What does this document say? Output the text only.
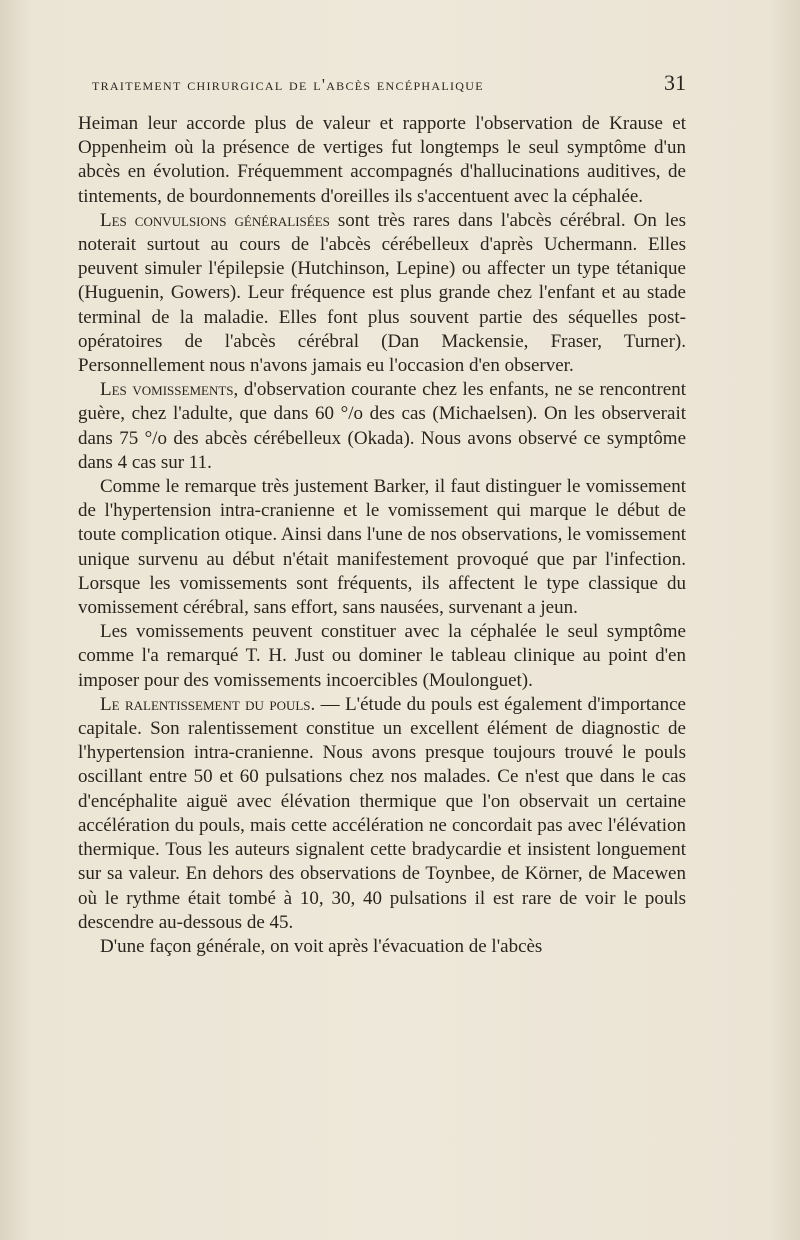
traitement chirurgical de l'abcès encéphalique	31

Heiman leur accorde plus de valeur et rapporte l'observation de Krause et Oppenheim où la présence de vertiges fut longtemps le seul symptôme d'un abcès en évolution. Fréquemment accompagnés d'hallucinations auditives, de tintements, de bourdonnements d'oreilles ils s'accentuent avec la céphalée.

Les convulsions généralisées sont très rares dans l'abcès cérébral. On les noterait surtout au cours de l'abcès cérébelleux d'après Uchermann. Elles peuvent simuler l'épilepsie (Hutchinson, Lepine) ou affecter un type tétanique (Huguenin, Gowers). Leur fréquence est plus grande chez l'enfant et au stade terminal de la maladie. Elles font plus souvent partie des séquelles post-opératoires de l'abcès cérébral (Dan Mackensie, Fraser, Turner). Personnellement nous n'avons jamais eu l'occasion d'en observer.

Les vomissements, d'observation courante chez les enfants, ne se rencontrent guère, chez l'adulte, que dans 60 °/o des cas (Michaelsen). On les observerait dans 75 °/o des abcès cérébelleux (Okada). Nous avons observé ce symptôme dans 4 cas sur 11.

Comme le remarque très justement Barker, il faut distinguer le vomissement de l'hypertension intra-cranienne et le vomissement qui marque le début de toute complication otique. Ainsi dans l'une de nos observations, le vomissement unique survenu au début n'était manifestement provoqué que par l'infection. Lorsque les vomissements sont fréquents, ils affectent le type classique du vomissement cérébral, sans effort, sans nausées, survenant a jeun.

Les vomissements peuvent constituer avec la céphalée le seul symptôme comme l'a remarqué T. H. Just ou dominer le tableau clinique au point d'en imposer pour des vomissements incoercibles (Moulonguet).

Le ralentissement du pouls. — L'étude du pouls est également d'importance capitale. Son ralentissement constitue un excellent élément de diagnostic de l'hypertension intra-cranienne. Nous avons presque toujours trouvé le pouls oscillant entre 50 et 60 pulsations chez nos malades. Ce n'est que dans le cas d'encéphalite aiguë avec élévation thermique que l'on observait un certaine accélération du pouls, mais cette accélération ne concordait pas avec l'élévation thermique. Tous les auteurs signalent cette bradycardie et insistent longuement sur sa valeur. En dehors des observations de Toynbee, de Körner, de Macewen où le rythme était tombé à 10, 30, 40 pulsations il est rare de voir le pouls descendre au-dessous de 45.

D'une façon générale, on voit après l'évacuation de l'abcès
